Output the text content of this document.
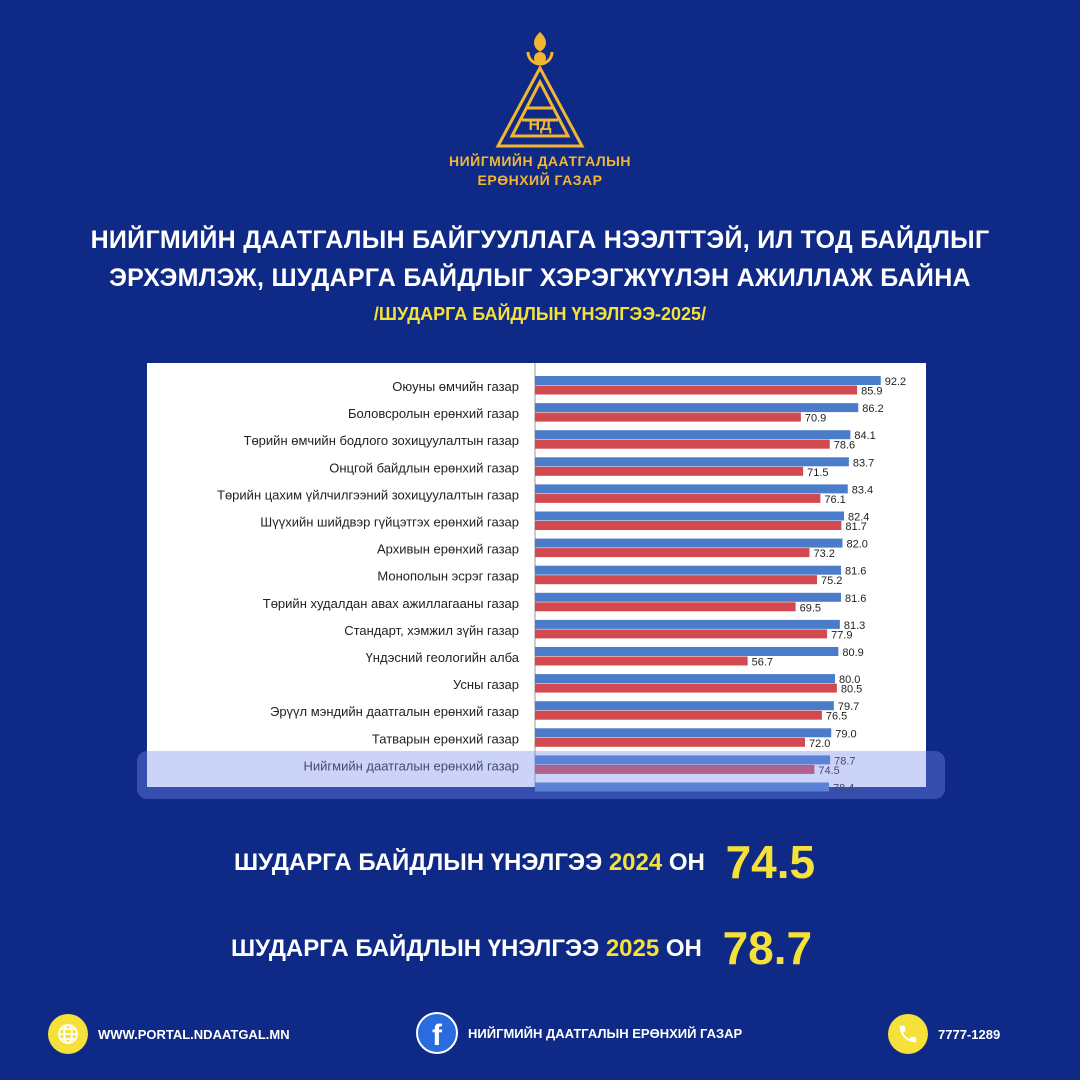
НД
НИЙГМИЙН ДААТГАЛЫН
ЕРӨНХИЙ ГАЗАР
НИЙГМИЙН ДААТГАЛЫН БАЙГУУЛЛАГА НЭЭЛТТЭЙ, ИЛ ТОД БАЙДЛЫГ
ЭРХЭМЛЭЖ, ШУДАРГА БАЙДЛЫГ ХЭРЭГЖҮҮЛЭН АЖИЛЛАЖ БАЙНА
/ШУДАРГА БАЙДЛЫН ҮНЭЛГЭЭ-2025/
Оюуны өмчийн газар	92.2
85.9
Боловсролын ерөнхий газар	86.2
70.9
Төрийн өмчийн бодлого зохицуулалтын газар	84.1
78.6
Онцгой байдлын ерөнхий газар	83.7
71.5
Төрийн цахим үйлчилгээний зохицуулалтын газар	83.4
76.1
Шүүхийн шийдвэр гүйцэтгэх ерөнхий газар	82.4
81.7
Архивын ерөнхий газар	82.0
73.2
Монополын эсрэг газар	81.6
75.2
Төрийн худалдан авах ажиллагааны газар	81.6
69.5
Стандарт, хэмжил зүйн газар	81.3
77.9
Үндэсний геологийн алба	80.9
56.7
Усны газар	80.0
80.5
Эрүүл мэндийн даатгалын ерөнхий газар	79.7
76.5
Татварын ерөнхий газар	79.0
72.0
Нийгмийн даатгалын ерөнхий газар	78.7
74.5
78.4
ШУДАРГА БАЙДЛЫН ҮНЭЛГЭЭ 2024 ОН 74.5
ШУДАРГА БАЙДЛЫН ҮНЭЛГЭЭ 2025 ОН 78.7
WWW.PORTAL.NDAATGAL.MN	f НИЙГМИЙН ДААТГАЛЫН ЕРӨНХИЙ ГАЗАР	7777-1289
